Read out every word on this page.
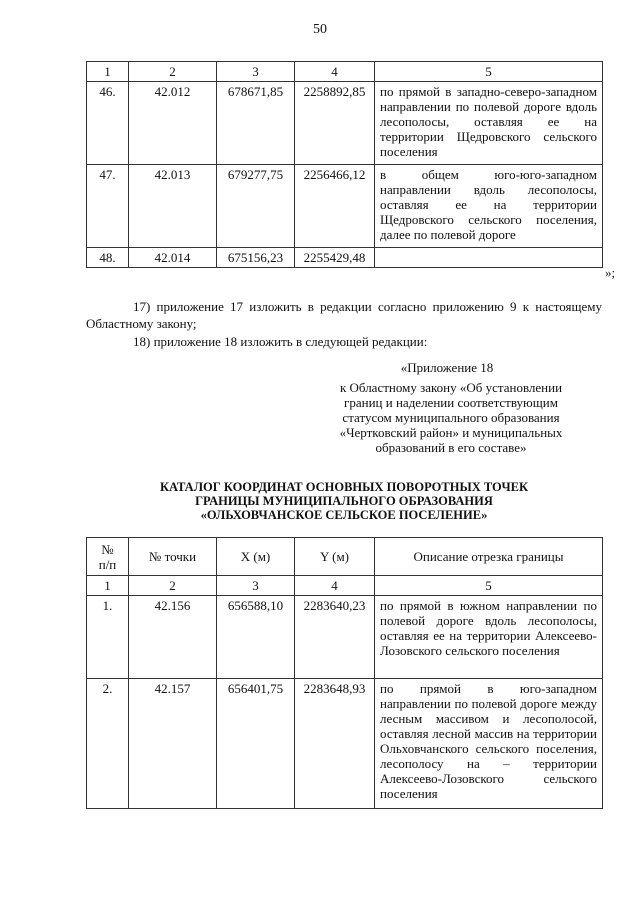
50
1	2	3	4	5
46.	42.012	678671,85	2258892,85	по прямой в западно-северо-западном направлении по полевой дороге вдоль лесополосы, оставляя ее на территории Щедровского сельского поселения
47.	42.013	679277,75	2256466,12	в общем юго-юго-западном направлении вдоль лесополосы, оставляя ее на территории Щедровского сельского поселения, далее по полевой дороге
48.	42.014	675156,23	2255429,48	
»;
17) приложение 17 изложить в редакции согласно приложению 9 к настоящему Областному закону;
18) приложение 18 изложить в следующей редакции:
«Приложение 18
к Областному закону «Об установлении
границ и наделении соответствующим
статусом муниципального образования
«Чертковский район» и муниципальных
образований в его составе»
КАТАЛОГ КООРДИНАТ ОСНОВНЫХ ПОВОРОТНЫХ ТОЧЕК
ГРАНИЦЫ МУНИЦИПАЛЬНОГО ОБРАЗОВАНИЯ
«ОЛЬХОВЧАНСКОЕ СЕЛЬСКОЕ ПОСЕЛЕНИЕ»
№
п/п	№ точки	X (м)	Y (м)	Описание отрезка границы
1	2	3	4	5
1.	42.156	656588,10	2283640,23	по прямой в южном направлении по полевой дороге вдоль лесополосы, оставляя ее на территории Алексеево-Лозовского сельского поселения
2.	42.157	656401,75	2283648,93	по прямой в юго-западном направлении по полевой дороге между лесным массивом и лесополосой, оставляя лесной массив на территории Ольховчанского сельского поселения, лесополосу на – территории Алексеево-Лозовского сельского поселения
